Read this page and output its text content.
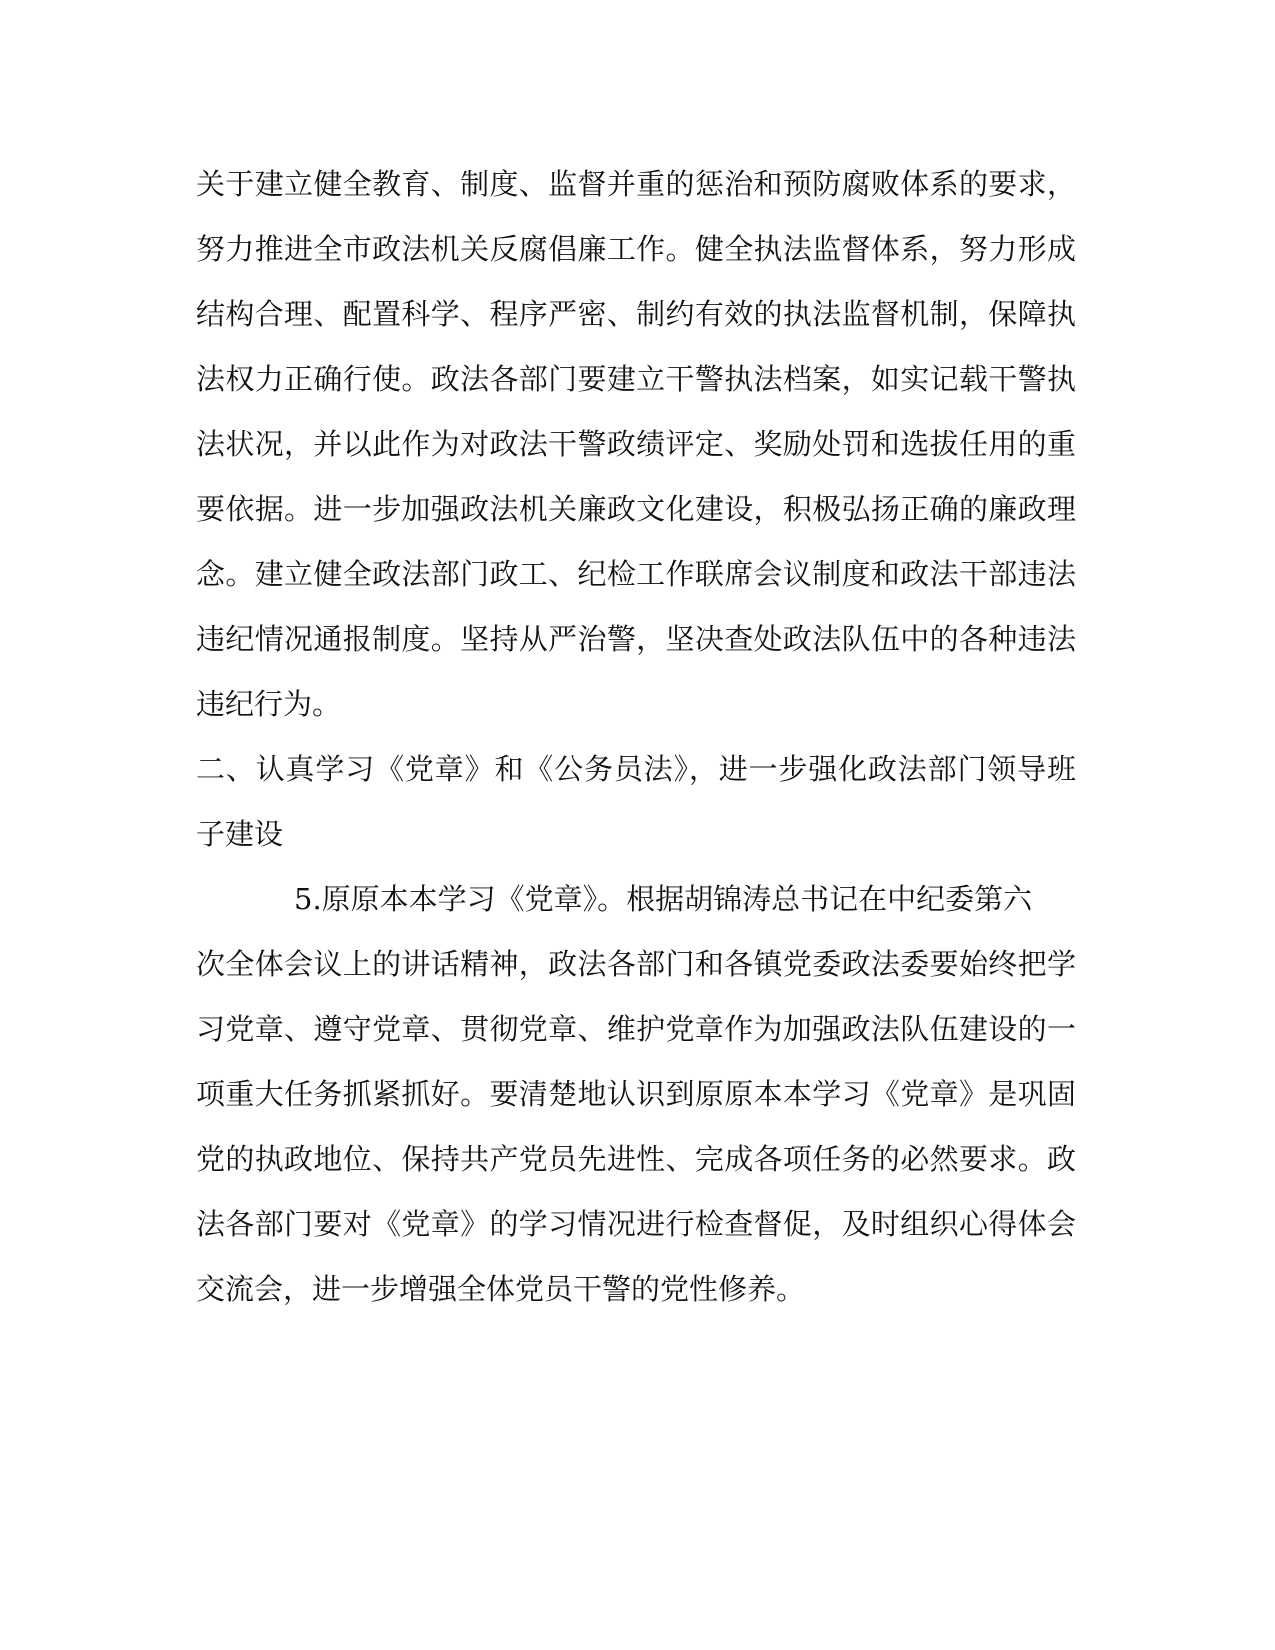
关于建立健全教育、制度、监督并重的惩治和预防腐败体系的要求，
努力推进全市政法机关反腐倡廉工作。健全执法监督体系，努力形成
结构合理、配置科学、程序严密、制约有效的执法监督机制，保障执
法权力正确行使。政法各部门要建立干警执法档案，如实记载干警执
法状况，并以此作为对政法干警政绩评定、奖励处罚和选拔任用的重
要依据。进一步加强政法机关廉政文化建设，积极弘扬正确的廉政理
念。建立健全政法部门政工、纪检工作联席会议制度和政法干部违法
违纪情况通报制度。坚持从严治警，坚决查处政法队伍中的各种违法
违纪行为。
二、认真学习《党章》和《公务员法》，进一步强化政法部门领导班
子建设
5.原原本本学习《党章》。根据胡锦涛总书记在中纪委第六
次全体会议上的讲话精神，政法各部门和各镇党委政法委要始终把学
习党章、遵守党章、贯彻党章、维护党章作为加强政法队伍建设的一
项重大任务抓紧抓好。要清楚地认识到原原本本学习《党章》是巩固
党的执政地位、保持共产党员先进性、完成各项任务的必然要求。政
法各部门要对《党章》的学习情况进行检查督促，及时组织心得体会
交流会，进一步增强全体党员干警的党性修养。
